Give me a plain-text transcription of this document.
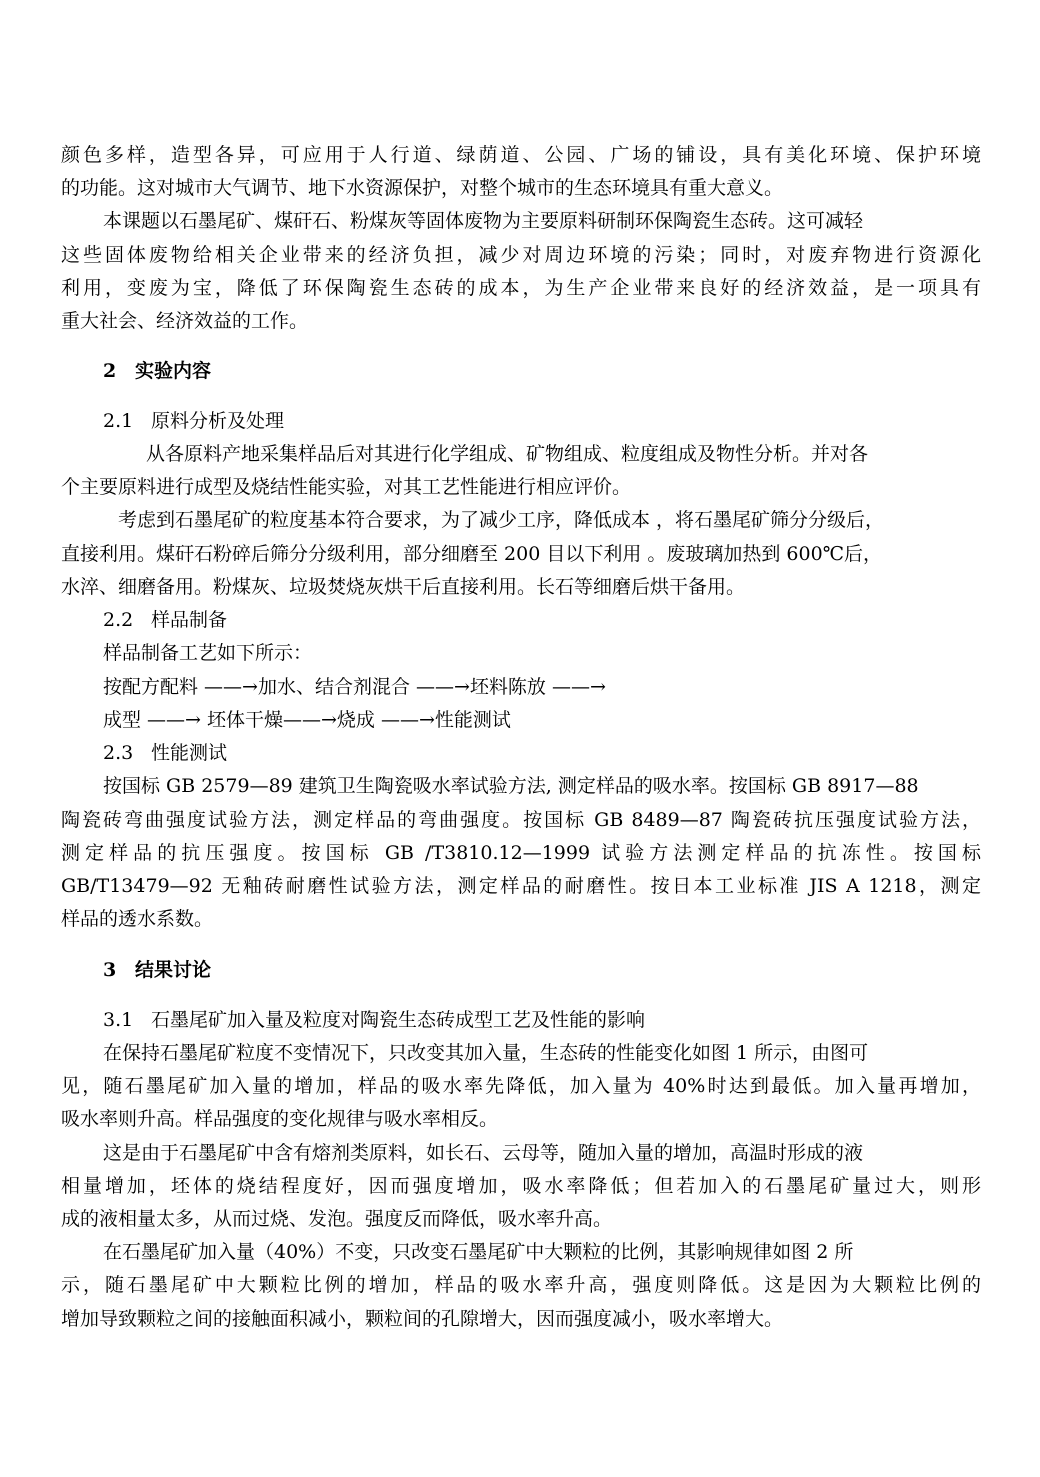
颜色多样，造型各异，可应用于人行道、绿荫道、公园、广场的铺设，具有美化环境、保护环境
的功能。这对城市大气调节、地下水资源保护，对整个城市的生态环境具有重大意义。
本课题以石墨尾矿、煤矸石、粉煤灰等固体废物为主要原料研制环保陶瓷生态砖。这可减轻
这些固体废物给相关企业带来的经济负担，减少对周边环境的污染；同时，对废弃物进行资源化
利用，变废为宝，降低了环保陶瓷生态砖的成本，为生产企业带来良好的经济效益，是一项具有
重大社会、经济效益的工作。
2 实验内容
2.1 原料分析及处理
从各原料产地采集样品后对其进行化学组成、矿物组成、粒度组成及物性分析。并对各
个主要原料进行成型及烧结性能实验，对其工艺性能进行相应评价。
考虑到石墨尾矿的粒度基本符合要求，为了减少工序，降低成本 ，将石墨尾矿筛分分级后，
直接利用。煤矸石粉碎后筛分分级利用，部分细磨至 200 目以下利用 。废玻璃加热到 600℃后，
水淬、细磨备用。粉煤灰、垃圾焚烧灰烘干后直接利用。长石等细磨后烘干备用。
2.2 样品制备
样品制备工艺如下所示：
按配方配料 ——→加水、结合剂混合 ——→坯料陈放 ——→
成型 ——→ 坯体干燥——→烧成 ——→性能测试
2.3 性能测试
按国标 GB 2579—89 建筑卫生陶瓷吸水率试验方法, 测定样品的吸水率。按国标 GB 8917—88
陶瓷砖弯曲强度试验方法，测定样品的弯曲强度。按国标 GB 8489—87 陶瓷砖抗压强度试验方法，
测定样品的抗压强度。按国标 GB /T3810.12—1999 试验方法测定样品的抗冻性。按国标
GB/T13479—92 无釉砖耐磨性试验方法，测定样品的耐磨性。按日本工业标准 JIS A 1218，测定
样品的透水系数。
3 结果讨论
3.1 石墨尾矿加入量及粒度对陶瓷生态砖成型工艺及性能的影响
在保持石墨尾矿粒度不变情况下，只改变其加入量，生态砖的性能变化如图 1 所示，由图可
见，随石墨尾矿加入量的增加，样品的吸水率先降低，加入量为 40%时达到最低。加入量再增加，
吸水率则升高。样品强度的变化规律与吸水率相反。
这是由于石墨尾矿中含有熔剂类原料，如长石、云母等，随加入量的增加，高温时形成的液
相量增加，坯体的烧结程度好，因而强度增加，吸水率降低；但若加入的石墨尾矿量过大，则形
成的液相量太多，从而过烧、发泡。强度反而降低，吸水率升高。
在石墨尾矿加入量（40%）不变，只改变石墨尾矿中大颗粒的比例，其影响规律如图 2 所
示，随石墨尾矿中大颗粒比例的增加，样品的吸水率升高，强度则降低。这是因为大颗粒比例的
增加导致颗粒之间的接触面积减小，颗粒间的孔隙增大，因而强度减小，吸水率增大。
